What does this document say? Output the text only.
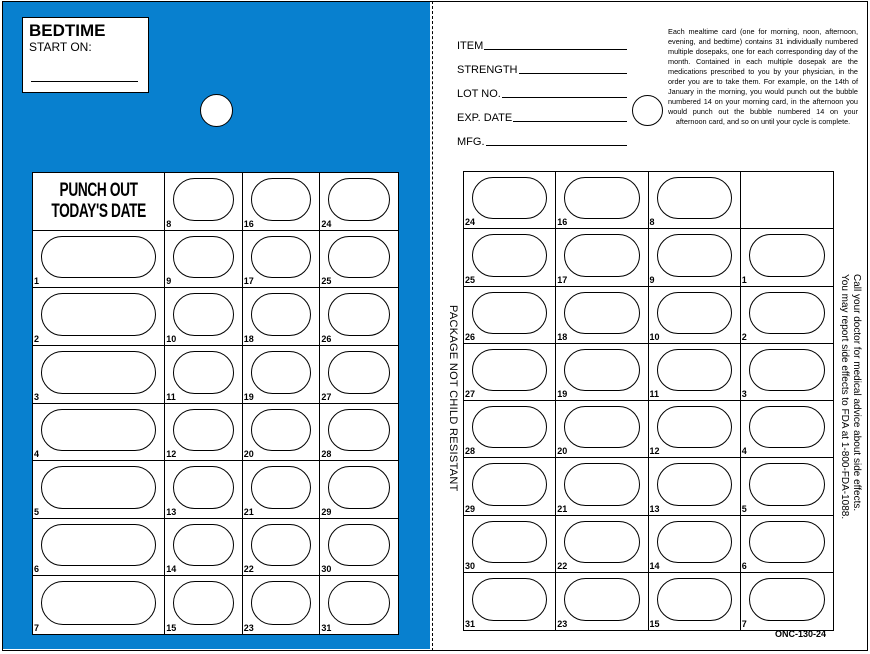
BEDTIME
START ON:
PUNCH OUT
TODAY'S DATE
8	16	24
1	9	17	25
2	10	18	26
3	11	19	27
4	12	20	28
5	13	21	29
6	14	22	30
7	15	23	31
24	16	8
25	17	9	1
26	18	10	2
27	19	11	3
28	20	12	4
29	21	13	5
30	22	14	6
31	23	15	7
ITEM
STRENGTH
LOT NO.
EXP. DATE
MFG.
Each mealtime card (one for morning, noon, afternoon, evening, and bedtime) contains 31 individually numbered multiple dosepaks, one for each corresponding day of the month. Contained in each multiple dosepak are the medications prescribed to you by your physician, in the order you are to take them. For example, on the 14th of January in the morning, you would punch out the bubble numbered 14 on your morning card, in the afternoon you would punch out the bubble numbered 14 on your afternoon card, and so on until your cycle is complete.
PACKAGE NOT CHILD RESISTANT	Call your doctor for medical advice about side effects.
You may report side effects to FDA at 1-800-FDA-1088.
ONC-130-24
